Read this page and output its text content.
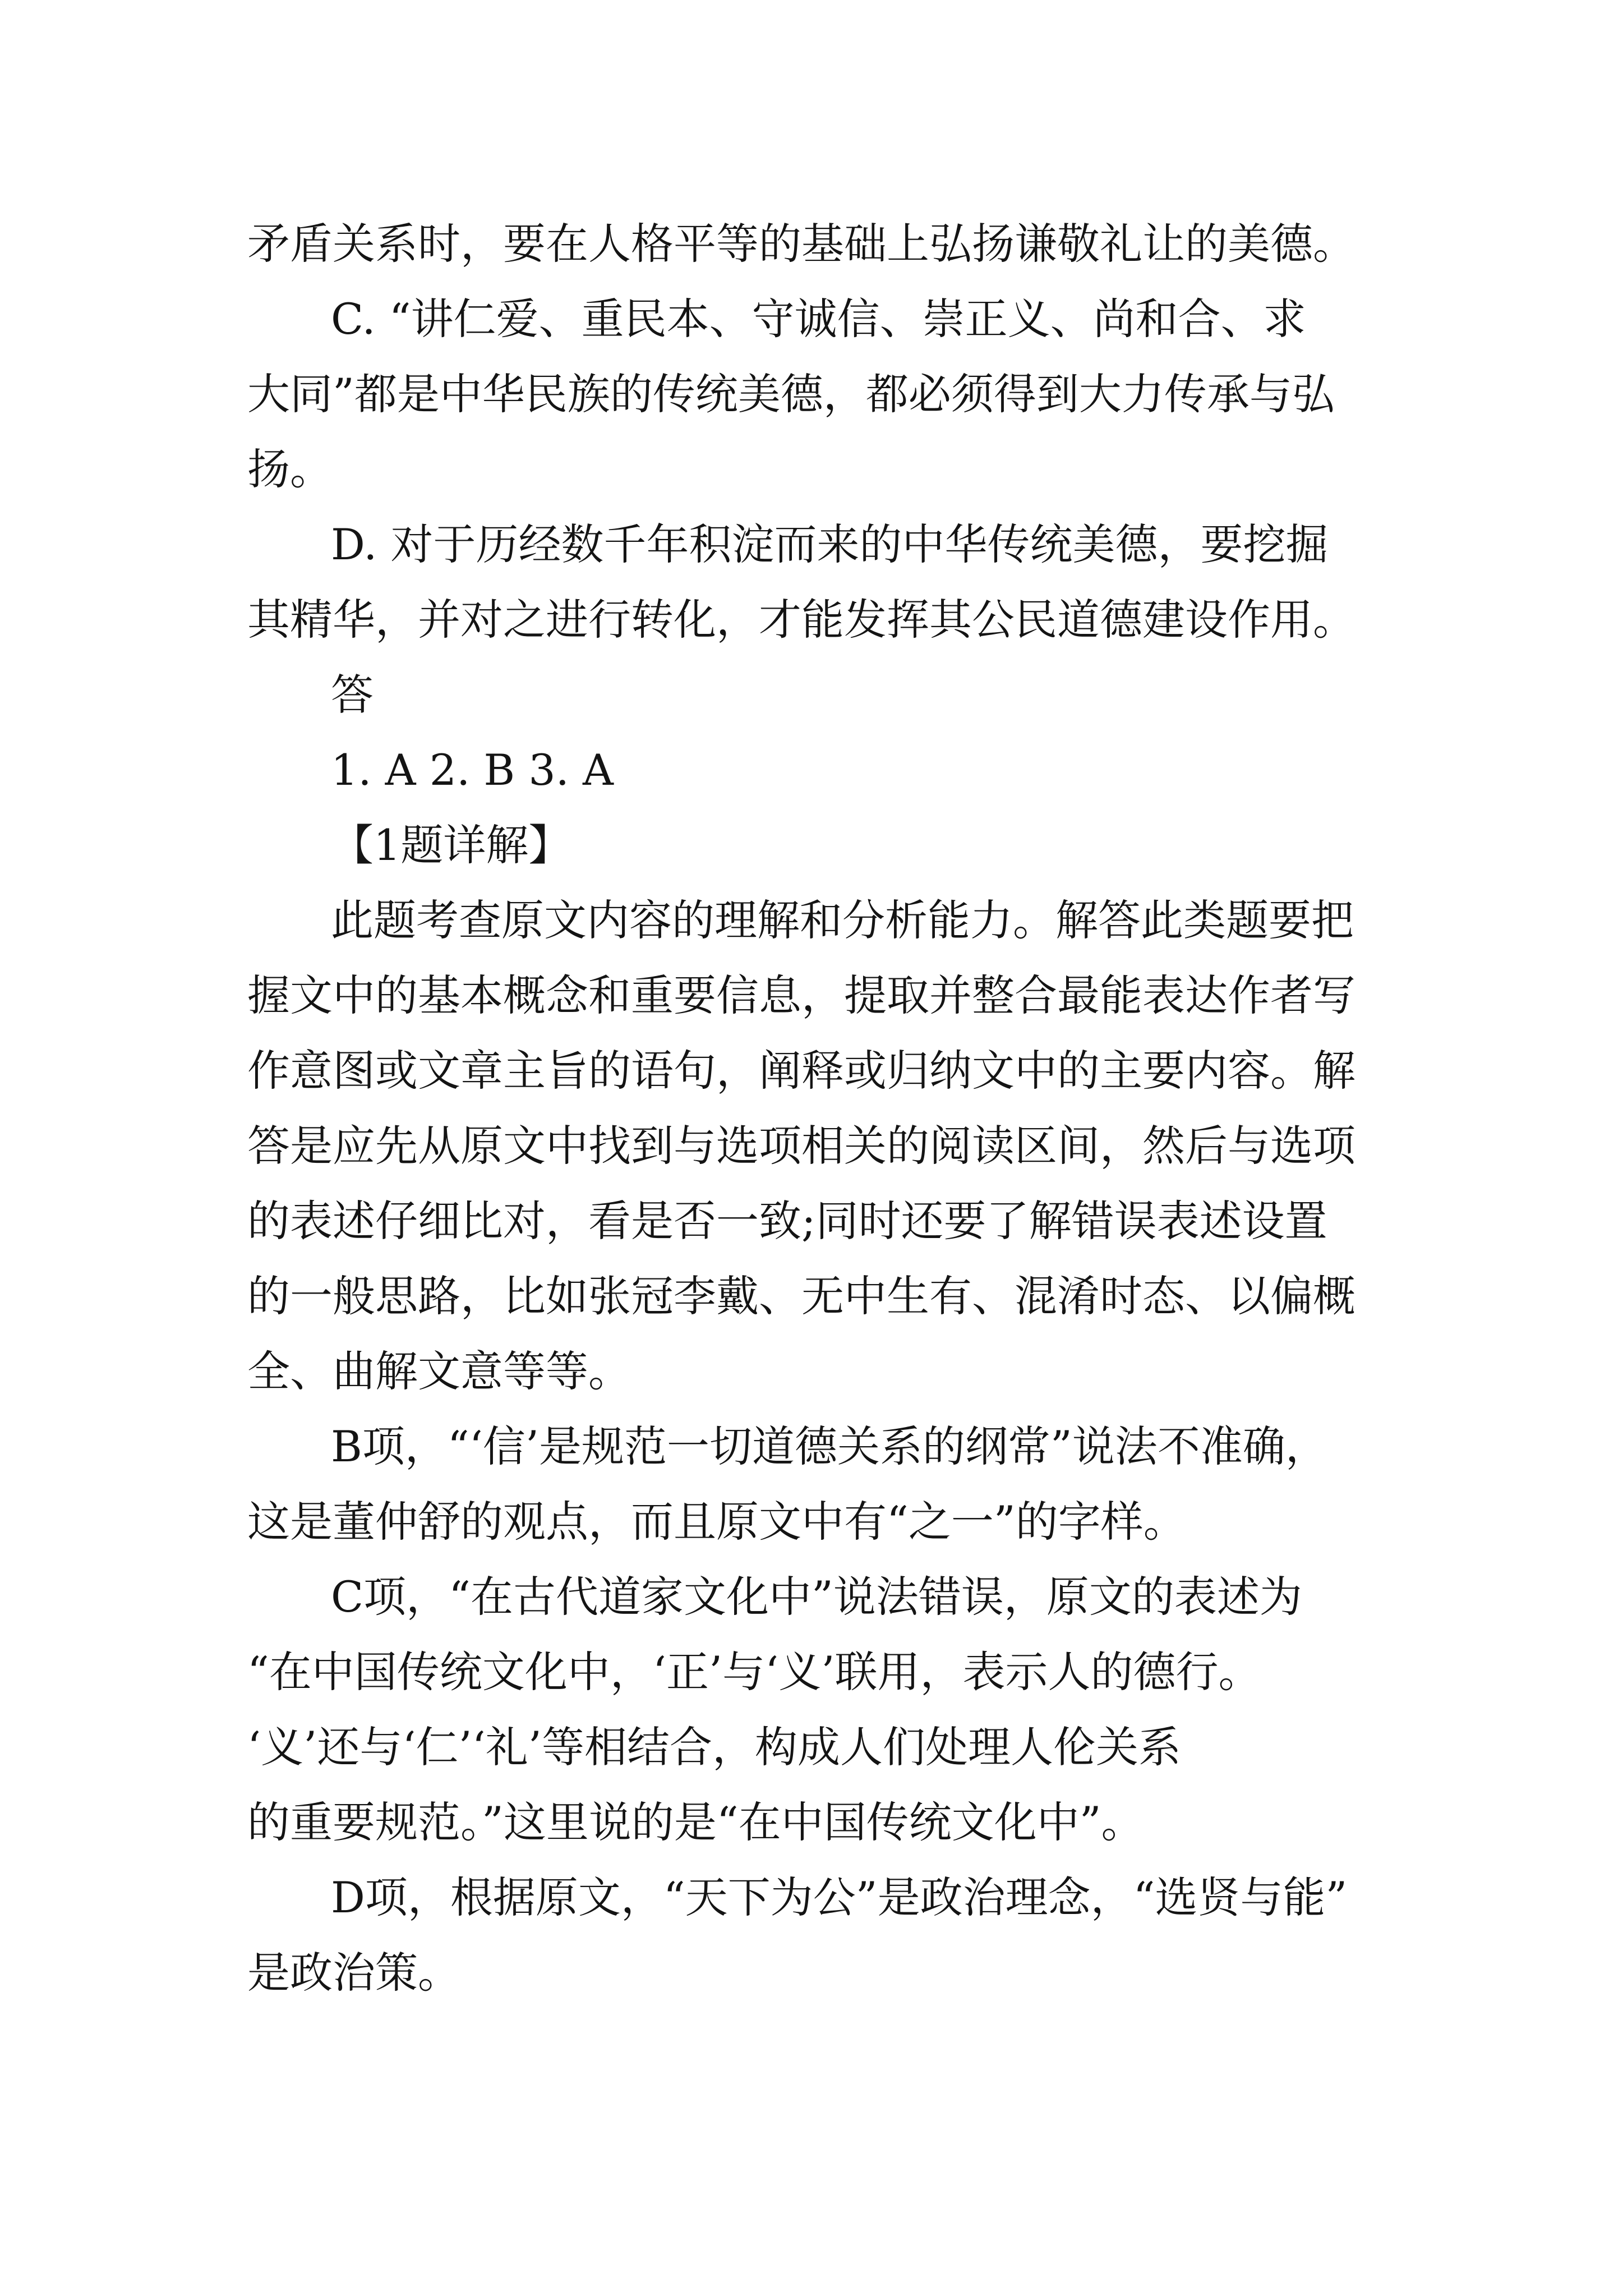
矛盾关系时，要在人格平等的基础上弘扬谦敬礼让的美德。
C. “讲仁爱、重民本、守诚信、崇正义、尚和合、求
大同”都是中华民族的传统美德，都必须得到大力传承与弘
扬。
D. 对于历经数千年积淀而来的中华传统美德，要挖掘
其精华，并对之进行转化，才能发挥其公民道德建设作用。
答
1. A 2. B 3. A
【1题详解】
此题考查原文内容的理解和分析能力。解答此类题要把
握文中的基本概念和重要信息，提取并整合最能表达作者写
作意图或文章主旨的语句，阐释或归纳文中的主要内容。解
答是应先从原文中找到与选项相关的阅读区间，然后与选项
的表述仔细比对，看是否一致;同时还要了解错误表述设置
的一般思路，比如张冠李戴、无中生有、混淆时态、以偏概
全、曲解文意等等。
B项，“‘信’是规范一切道德关系的纲常”说法不准确，
这是董仲舒的观点，而且原文中有“之一”的字样。
C项，“在古代道家文化中”说法错误，原文的表述为
“在中国传统文化中，‘正’与‘义’联用，表示人的德行。
‘义’还与‘仁’‘礼’等相结合，构成人们处理人伦关系
的重要规范。”这里说的是“在中国传统文化中”。
D项，根据原文，“天下为公”是政治理念，“选贤与能”
是政治策。
